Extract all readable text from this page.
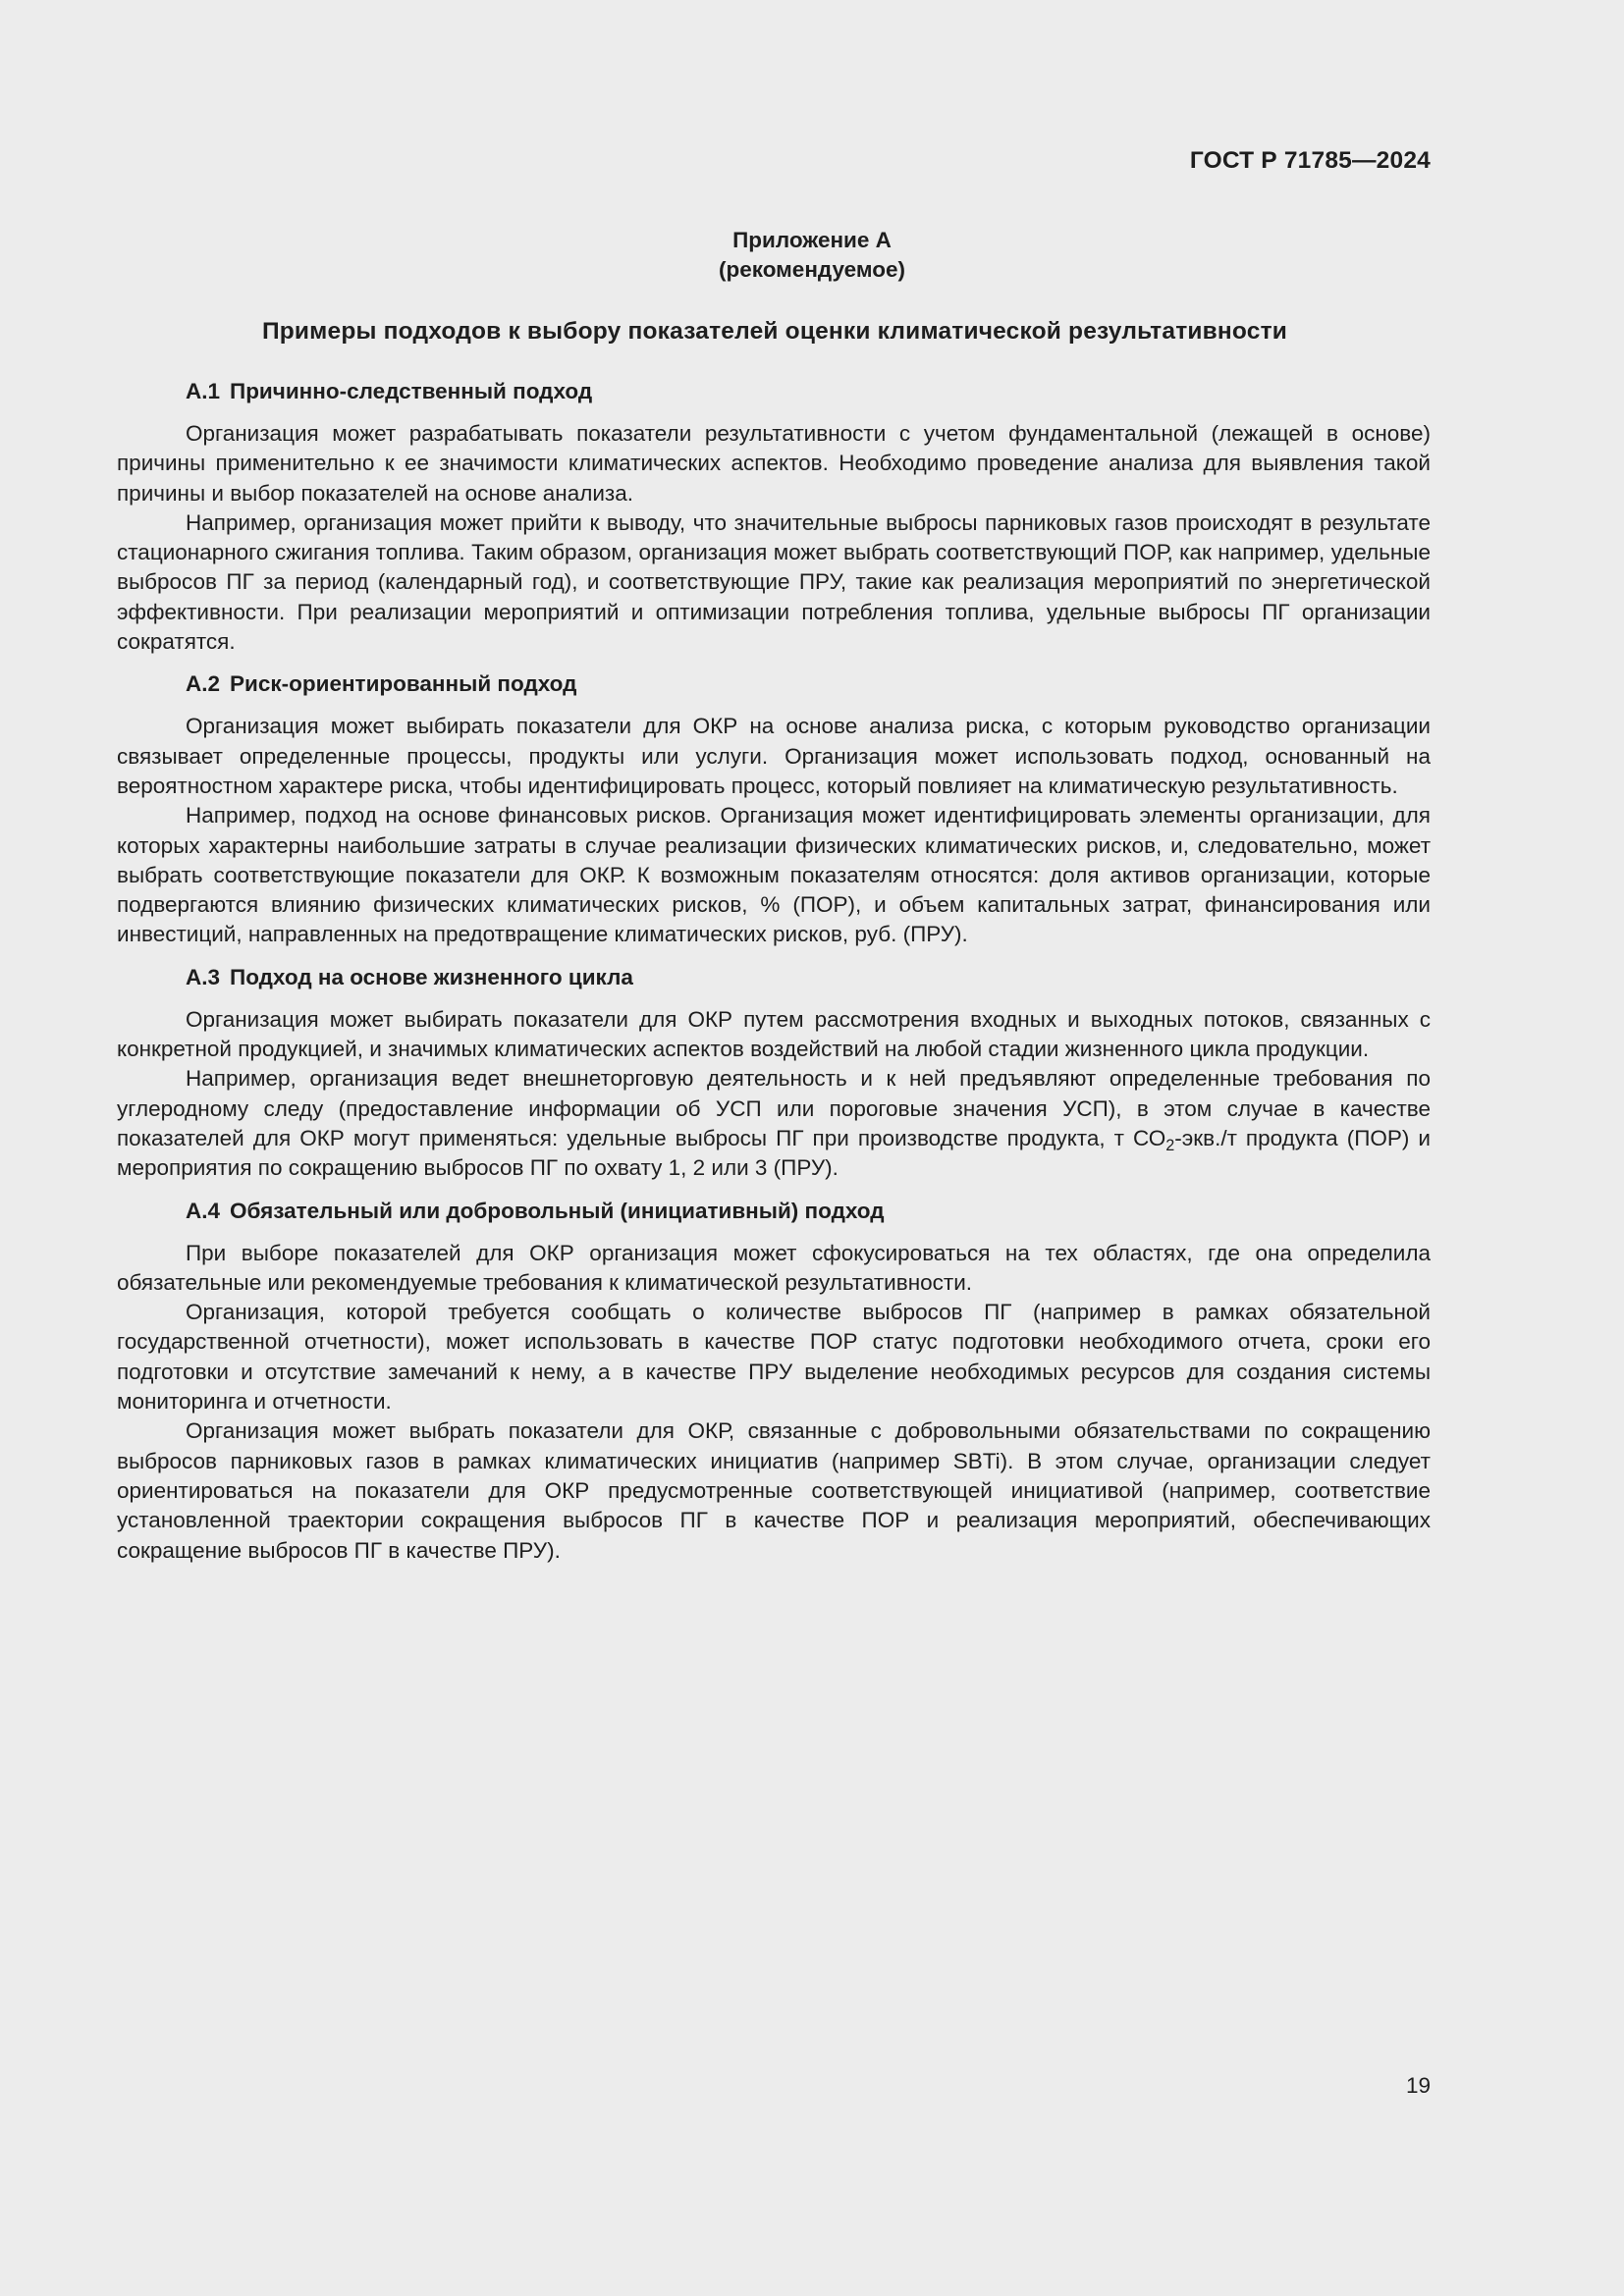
ГОСТ Р 71785—2024
Приложение А
(рекомендуемое)
Примеры подходов к выбору показателей оценки климатической результативности
А.1 Причинно-следственный подход

Организация может разрабатывать показатели результативности с учетом фундаментальной (лежащей в основе) причины применительно к ее значимости климатических аспектов. Необходимо проведение анализа для выявления такой причины и выбор показателей на основе анализа.

Например, организация может прийти к выводу, что значительные выбросы парниковых газов происходят в результате стационарного сжигания топлива. Таким образом, организация может выбрать соответствующий ПОР, как например, удельные выбросов ПГ за период (календарный год), и соответствующие ПРУ, такие как реализация мероприятий по энергетической эффективности. При реализации мероприятий и оптимизации потребления топлива, удельные выбросы ПГ организации сократятся.

А.2 Риск-ориентированный подход

Организация может выбирать показатели для ОКР на основе анализа риска, с которым руководство организации связывает определенные процессы, продукты или услуги. Организация может использовать подход, основанный на вероятностном характере риска, чтобы идентифицировать процесс, который повлияет на климатическую результативность.

Например, подход на основе финансовых рисков. Организация может идентифицировать элементы организации, для которых характерны наибольшие затраты в случае реализации физических климатических рисков, и, следовательно, может выбрать соответствующие показатели для ОКР. К возможным показателям относятся: доля активов организации, которые подвергаются влиянию физических климатических рисков, % (ПОР), и объем капитальных затрат, финансирования или инвестиций, направленных на предотвращение климатических рисков, руб. (ПРУ).

А.3 Подход на основе жизненного цикла

Организация может выбирать показатели для ОКР путем рассмотрения входных и выходных потоков, связанных с конкретной продукцией, и значимых климатических аспектов воздействий на любой стадии жизненного цикла продукции.

Например, организация ведет внешнеторговую деятельность и к ней предъявляют определенные требования по углеродному следу (предоставление информации об УСП или пороговые значения УСП), в этом случае в качестве показателей для ОКР могут применяться: удельные выбросы ПГ при производстве продукта, т $СО_2-экв./т$ продукта (ПОР) и мероприятия по сокращению выбросов ПГ по охвату 1, 2 или 3 (ПРУ).

А.4 Обязательный или добровольный (инициативный) подход

При выборе показателей для ОКР организация может сфокусироваться на тех областях, где она определила обязательные или рекомендуемые требования к климатической результативности.

Организация, которой требуется сообщать о количестве выбросов ПГ (например в рамках обязательной государственной отчетности), может использовать в качестве ПОР статус подготовки необходимого отчета, сроки его подготовки и отсутствие замечаний к нему, а в качестве ПРУ выделение необходимых ресурсов для создания системы мониторинга и отчетности.

Организация может выбрать показатели для ОКР, связанные с добровольными обязательствами по сокращению выбросов парниковых газов в рамках климатических инициатив (например SBTi). В этом случае, организации следует ориентироваться на показатели для ОКР предусмотренные соответствующей инициативой (например, соответствие установленной траектории сокращения выбросов ПГ в качестве ПОР и реализация мероприятий, обеспечивающих сокращение выбросов ПГ в качестве ПРУ).

19
